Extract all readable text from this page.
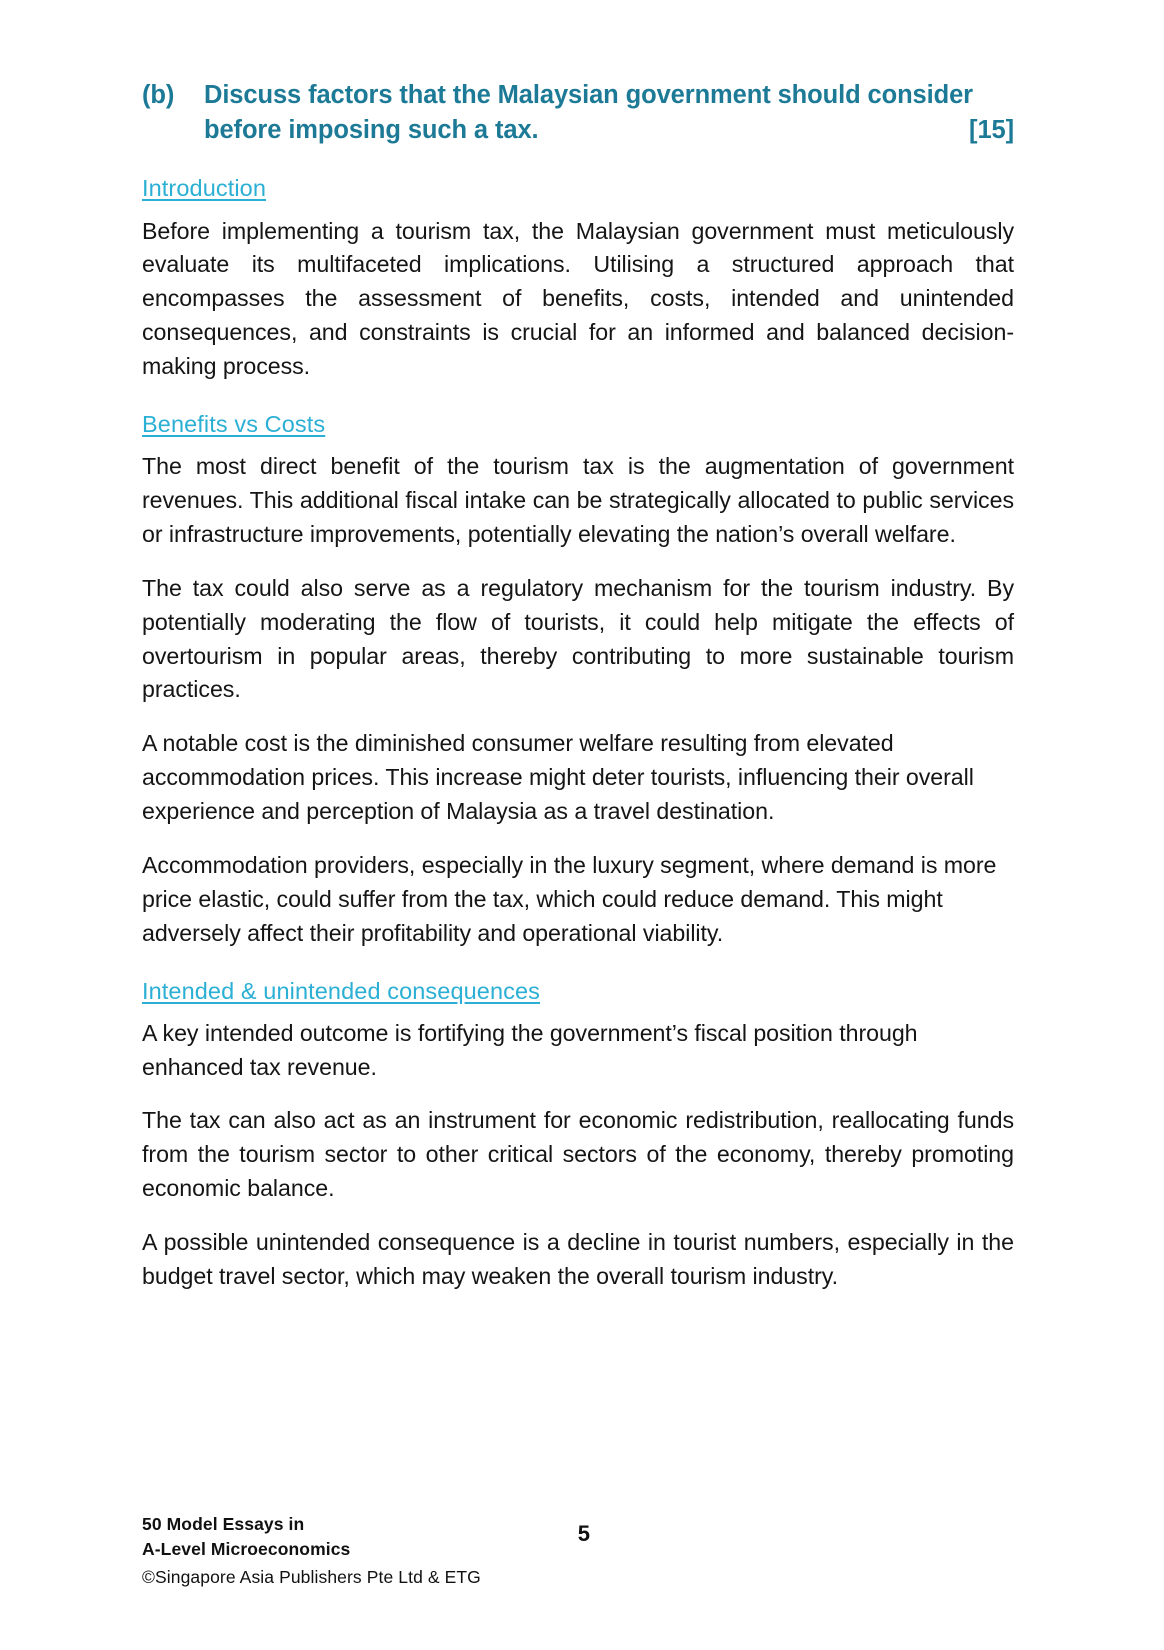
(b)	Discuss factors that the Malaysian government should consider
before imposing such a tax.	[15]
Introduction

Before implementing a tourism tax, the Malaysian government must meticulously evaluate its multifaceted implications. Utilising a structured approach that encompasses the assessment of benefits, costs, intended and unintended consequences, and constraints is crucial for an informed and balanced decision-making process.

Benefits vs Costs

The most direct benefit of the tourism tax is the augmentation of government revenues. This additional fiscal intake can be strategically allocated to public services or infrastructure improvements, potentially elevating the nation’s overall welfare.

The tax could also serve as a regulatory mechanism for the tourism industry. By potentially moderating the flow of tourists, it could help mitigate the effects of overtourism in popular areas, thereby contributing to more sustainable tourism practices.

A notable cost is the diminished consumer welfare resulting from elevated accommodation prices. This increase might deter tourists, influencing their overall experience and perception of Malaysia as a travel destination.

Accommodation providers, especially in the luxury segment, where demand is more price elastic, could suffer from the tax, which could reduce demand. This might adversely affect their profitability and operational viability.

Intended & unintended consequences

A key intended outcome is fortifying the government’s fiscal position through enhanced tax revenue.

The tax can also act as an instrument for economic redistribution, reallocating funds from the tourism sector to other critical sectors of the economy, thereby promoting economic balance.

A possible unintended consequence is a decline in tourist numbers, especially in the budget travel sector, which may weaken the overall tourism industry.

50 Model Essays in
A-Level Microeconomics
©Singapore Asia Publishers Pte Ltd & ETG
5
